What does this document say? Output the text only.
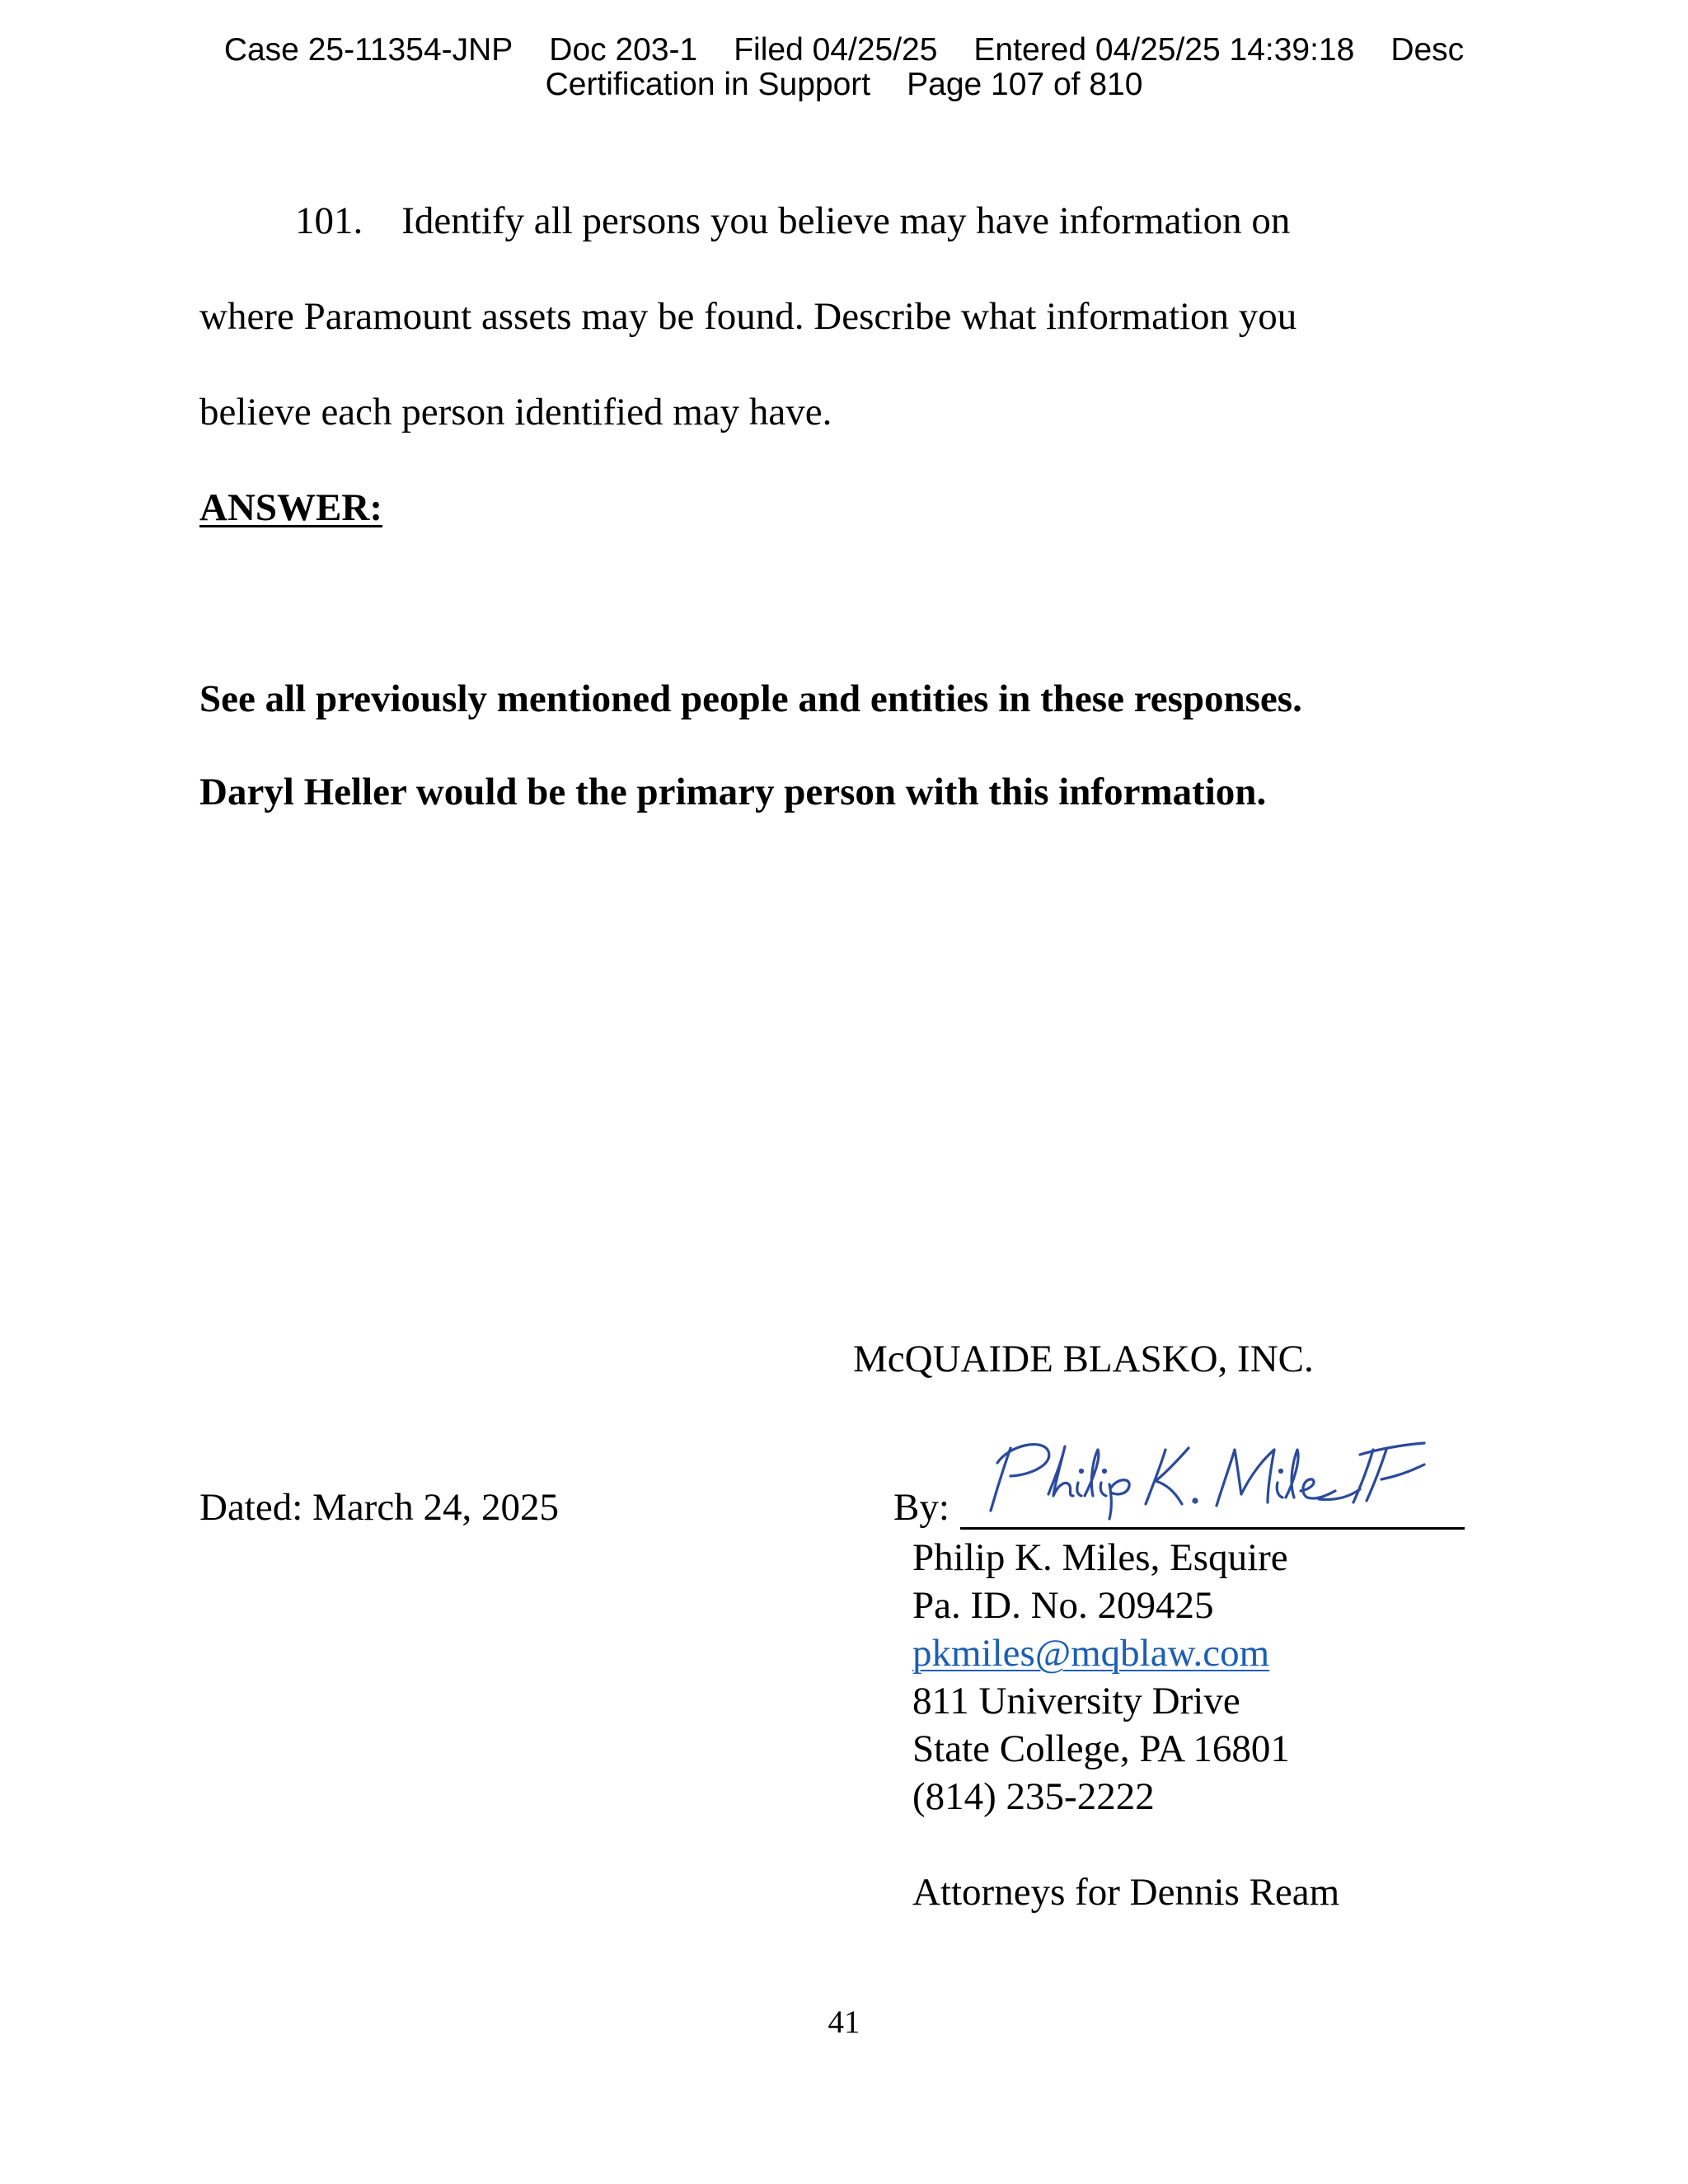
Case 25-11354-JNP Doc 203-1 Filed 04/25/25 Entered 04/25/25 14:39:18 Desc
Certification in Support Page 107 of 810
101.    Identify all persons you believe may have information on
where Paramount assets may be found. Describe what information you
believe each person identified may have.
ANSWER:
See all previously mentioned people and entities in these responses.
Daryl Heller would be the primary person with this information.
McQUAIDE BLASKO, INC.
Dated: March 24, 2025	By:
Philip K. Miles III
Philip K. Miles, Esquire
Pa. ID. No. 209425
pkmiles@mqblaw.com
811 University Drive
State College, PA 16801
(814) 235-2222
Attorneys for Dennis Ream
41
